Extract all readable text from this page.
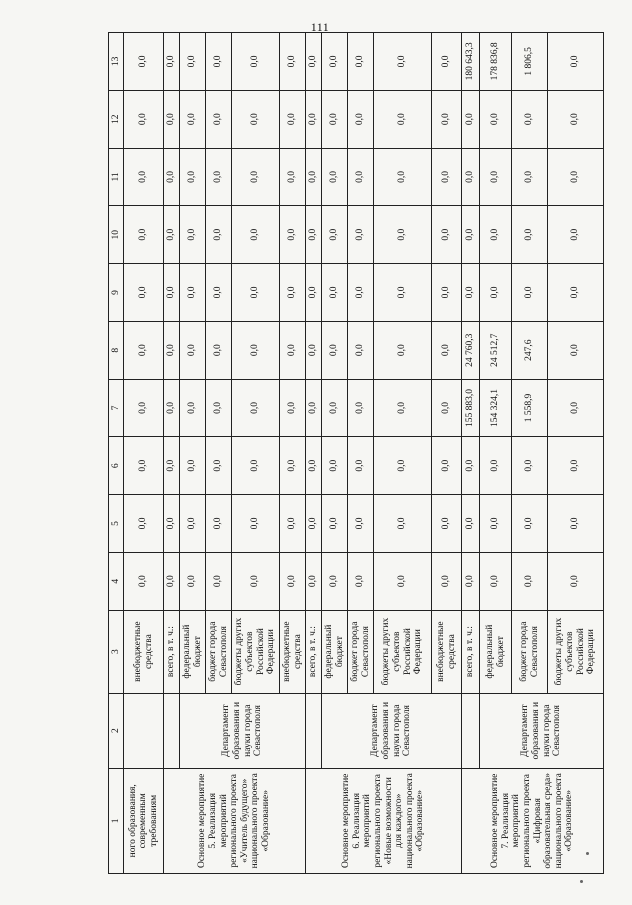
111
1	2	3	4	5	6	7	8	9	10	11	12	13
ного образования, современным требованиям		внебюджетные средства	0,0	0,0	0,0	0,0	0,0	0,0	0,0	0,0	0,0	0,0
Основное мероприятие 5. Реализация мероприятий регионального проекта «Учитель будущего» национального проекта «Образование»		всего, в т. ч.:	0,0	0,0	0,0	0,0	0,0	0,0	0,0	0,0	0,0	0,0
	Департамент образования и науки города Севастополя	федеральный бюджет	0,0	0,0	0,0	0,0	0,0	0,0	0,0	0,0	0,0	0,0
		бюджет города Севастополя	0,0	0,0	0,0	0,0	0,0	0,0	0,0	0,0	0,0	0,0
		бюджеты других субъектов Российской Федерации	0,0	0,0	0,0	0,0	0,0	0,0	0,0	0,0	0,0	0,0
		внебюджетные средства	0,0	0,0	0,0	0,0	0,0	0,0	0,0	0,0	0,0	0,0
Основное мероприятие 6. Реализация мероприятий регионального проекта «Новые возможности для каждого» национального проекта «Образование»		всего, в т. ч.:	0,0	0,0	0,0	0,0	0,0	0,0	0,0	0,0	0,0	0,0
	Департамент образования и науки города Севастополя	федеральный бюджет	0,0	0,0	0,0	0,0	0,0	0,0	0,0	0,0	0,0	0,0
		бюджет города Севастополя	0,0	0,0	0,0	0,0	0,0	0,0	0,0	0,0	0,0	0,0
		бюджеты других субъектов Российской Федерации	0,0	0,0	0,0	0,0	0,0	0,0	0,0	0,0	0,0	0,0
		внебюджетные средства	0,0	0,0	0,0	0,0	0,0	0,0	0,0	0,0	0,0	0,0
Основное мероприятие 7. Реализация мероприятий регионального проекта «Цифровая образовательная среда» национального проекта «Образование»		всего, в т. ч.:	0,0	0,0	0,0	155 883,0	24 760,3	0,0	0,0	0,0	0,0	180 643,3
	Департамент образования и науки города Севастополя	федеральный бюджет	0,0	0,0	0,0	154 324,1	24 512,7	0,0	0,0	0,0	0,0	178 836,8
		бюджет города Севастополя	0,0	0,0	0,0	1 558,9	247,6	0,0	0,0	0,0	0,0	1 806,5
		бюджеты других субъектов Российской Федерации	0,0	0,0	0,0	0,0	0,0	0,0	0,0	0,0	0,0	0,0
